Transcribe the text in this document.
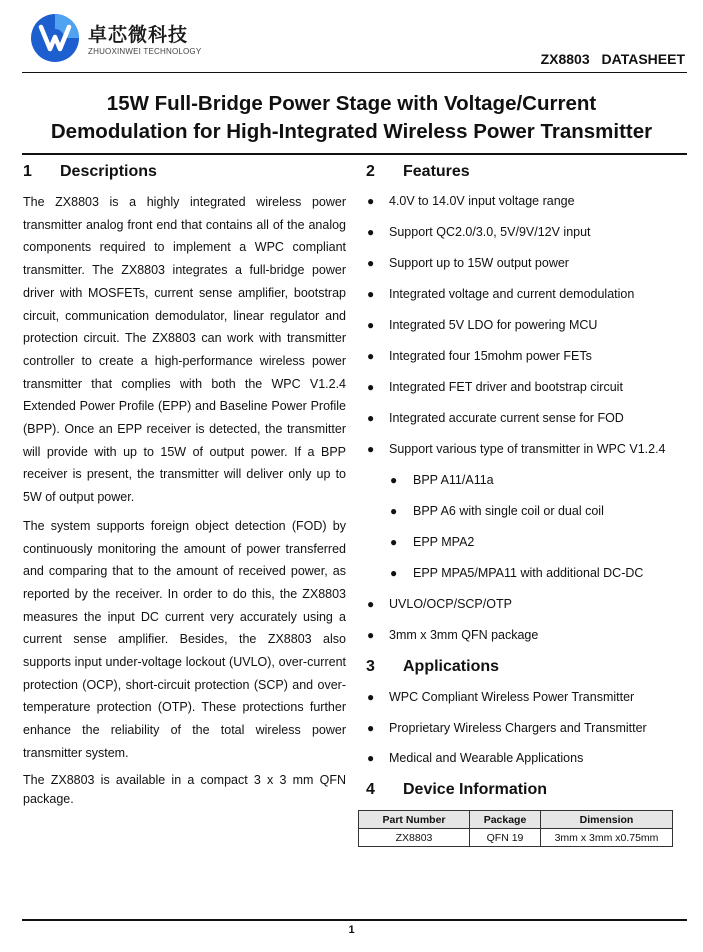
卓芯微科技
ZHUOXINWEI TECHNOLOGY	ZX8803 DATASHEET
15W Full-Bridge Power Stage with Voltage/Current
Demodulation for High-Integrated Wireless Power Transmitter
1 Descriptions

The ZX8803 is a highly integrated wireless power transmitter analog front end that contains all of the analog components required to implement a WPC compliant transmitter. The ZX8803 integrates a full-bridge power driver with MOSFETs, current sense amplifier, bootstrap circuit, communication demodulator, linear regulator and protection circuit. The ZX8803 can work with transmitter controller to create a high-performance wireless power transmitter that complies with both the WPC V1.2.4 Extended Power Profile (EPP) and Baseline Power Profile (BPP). Once an EPP receiver is detected, the transmitter will provide with up to 15W of output power. If a BPP receiver is present, the transmitter will deliver only up to 5W of output power.

The system supports foreign object detection (FOD) by continuously monitoring the amount of power transferred and comparing that to the amount of received power, as reported by the receiver. In order to do this, the ZX8803 measures the input DC current very accurately using a current sense amplifier. Besides, the ZX8803 also supports input under-voltage lockout (UVLO), over-current protection (OCP), short-circuit protection (SCP) and over-temperature protection (OTP). These protections further enhance the reliability of the total wireless power transmitter system.

The ZX8803 is available in a compact 3 x 3 mm QFN package.

2 Features
● 4.0V to 14.0V input voltage range
● Support QC2.0/3.0, 5V/9V/12V input
● Support up to 15W output power
● Integrated voltage and current demodulation
● Integrated 5V LDO for powering MCU
● Integrated four 15mohm power FETs
● Integrated FET driver and bootstrap circuit
● Integrated accurate current sense for FOD
● Support various type of transmitter in WPC V1.2.4
● BPP A11/A11a
● BPP A6 with single coil or dual coil
● EPP MPA2
● EPP MPA5/MPA11 with additional DC-DC
● UVLO/OCP/SCP/OTP
● 3mm x 3mm QFN package
3 Applications
● WPC Compliant Wireless Power Transmitter
● Proprietary Wireless Chargers and Transmitter
● Medical and Wearable Applications
4 Device Information
Part Number	Package	Dimension
ZX8803	QFN 19	3mm x 3mm x0.75mm
1
